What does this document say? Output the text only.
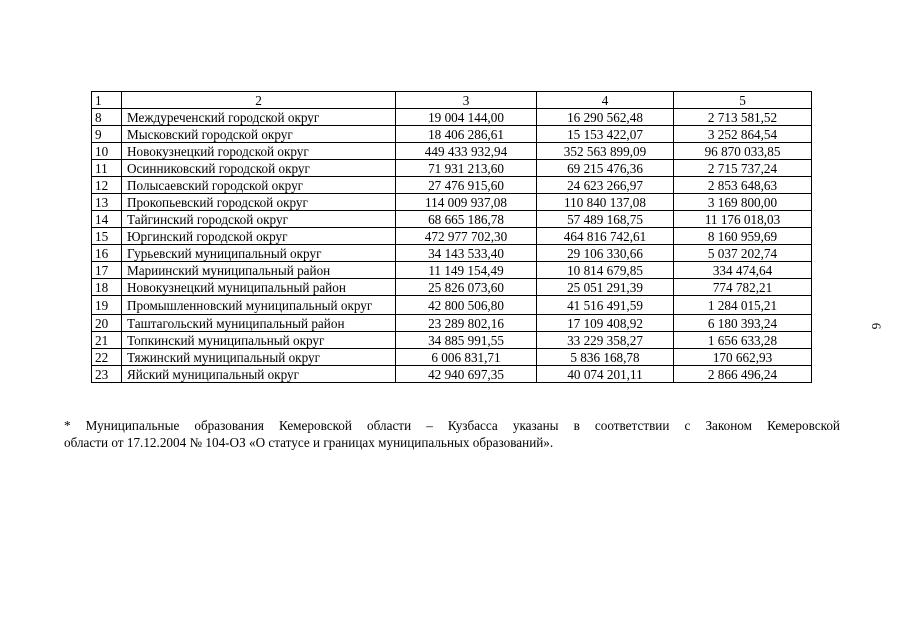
1	2	3	4	5
8	Междуреченский городской округ	19 004 144,00	16 290 562,48	2 713 581,52
9	Мысковский городской округ	18 406 286,61	15 153 422,07	3 252 864,54
10	Новокузнецкий городской округ	449 433 932,94	352 563 899,09	96 870 033,85
11	Осинниковский городской округ	71 931 213,60	69 215 476,36	2 715 737,24
12	Полысаевский городской округ	27 476 915,60	24 623 266,97	2 853 648,63
13	Прокопьевский городской округ	114 009 937,08	110 840 137,08	3 169 800,00
14	Тайгинский городской округ	68 665 186,78	57 489 168,75	11 176 018,03
15	Юргинский городской округ	472 977 702,30	464 816 742,61	8 160 959,69
16	Гурьевский муниципальный округ	34 143 533,40	29 106 330,66	5 037 202,74
17	Мариинский муниципальный район	11 149 154,49	10 814 679,85	334 474,64
18	Новокузнецкий муниципальный район	25 826 073,60	25 051 291,39	774 782,21
19	Промышленновский муниципальный округ	42 800 506,80	41 516 491,59	1 284 015,21
20	Таштагольский муниципальный район	23 289 802,16	17 109 408,92	6 180 393,24
21	Топкинский муниципальный округ	34 885 991,55	33 229 358,27	1 656 633,28
22	Тяжинский муниципальный округ	6 006 831,71	5 836 168,78	170 662,93
23	Яйский муниципальный округ	42 940 697,35	40 074 201,11	2 866 496,24
* Муниципальные образования Кемеровской области – Кузбасса указаны в соответствии с Законом Кемеровской
области от 17.12.2004 № 104-ОЗ «О статусе и границах муниципальных образований».
6
